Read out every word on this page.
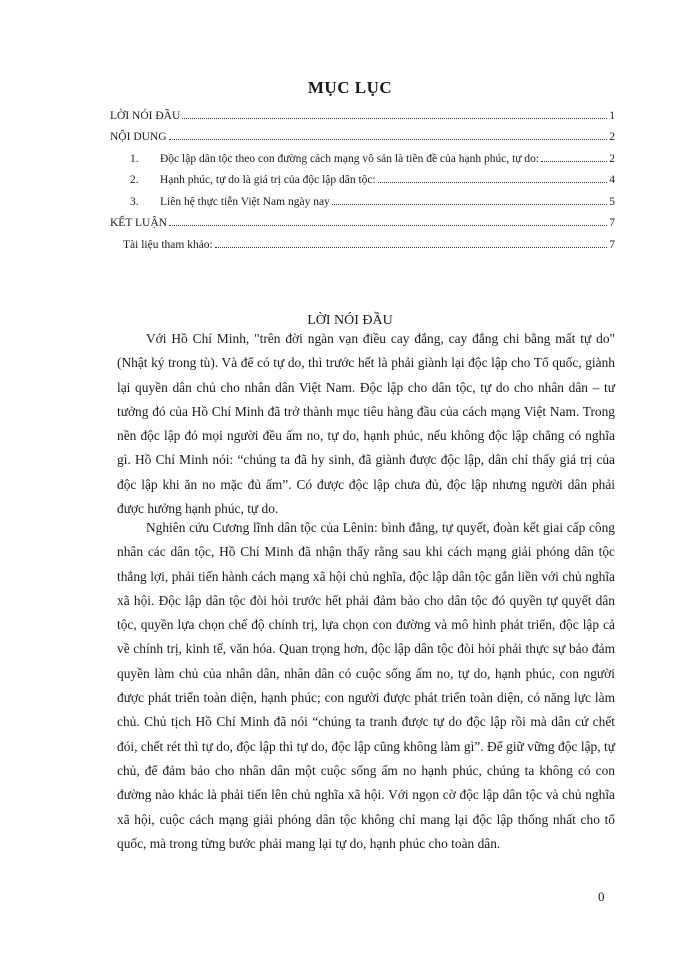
MỤC LỤC
LỜI NÓI ĐẦU	1
NỘI DUNG	2
1.	Độc lập dân tộc theo con đường cách mạng vô sản là tiền đề của hạnh phúc, tự do:	2
2.	Hạnh phúc, tự do là giá trị của độc lập dân tộc:	4
3.	Liên hệ thực tiễn Việt Nam ngày nay	5
KẾT LUẬN	7
Tài liệu tham khảo:	7
LỜI NÓI ĐẦU

Với Hồ Chí Minh, "trên đời ngàn vạn điều cay đắng, cay đắng chi bằng mất tự do" (Nhật ký trong tù). Và để có tự do, thì trước hết là phải giành lại độc lập cho Tổ quốc, giành lại quyền dân chủ cho nhân dân Việt Nam. Độc lập cho dân tộc, tự do cho nhân dân – tư tưởng đó của Hồ Chí Minh đã trở thành mục tiêu hàng đầu của cách mạng Việt Nam. Trong nền độc lập đó mọi người đều ấm no, tự do, hạnh phúc, nếu không độc lập chẳng có nghĩa gì. Hồ Chí Minh nói: “chúng ta đã hy sinh, đã giành được độc lập, dân chỉ thấy giá trị của độc lập khi ăn no mặc đủ ấm”. Có được độc lập chưa đủ, độc lập nhưng người dân phải được hưởng hạnh phúc, tự do.

Nghiên cứu Cương lĩnh dân tộc của Lênin: bình đẳng, tự quyết, đoàn kết giai cấp công nhân các dân tộc, Hồ Chí Minh đã nhận thấy rằng sau khi cách mạng giải phóng dân tộc thắng lợi, phải tiến hành cách mạng xã hội chủ nghĩa, độc lập dân tộc gắn liền với chủ nghĩa xã hội. Độc lập dân tộc đòi hỏi trước hết phải đảm bảo cho dân tộc đó quyền tự quyết dân tộc, quyền lựa chọn chế độ chính trị, lựa chọn con đường và mô hình phát triển, độc lập cả về chính trị, kinh tế, văn hóa. Quan trọng hơn, độc lập dân tộc đòi hỏi phải thực sự bảo đảm quyền làm chủ của nhân dân, nhân dân có cuộc sống ấm no, tự do, hạnh phúc, con người được phát triển toàn diện, hạnh phúc; con người được phát triển toàn diện, có năng lực làm chủ. Chủ tịch Hồ Chí Minh đã nói “chúng ta tranh được tự do độc lập rồi mà dân cứ chết đói, chết rét thì tự do, độc lập thì tự do, độc lập cũng không làm gì”. Để giữ vững độc lập, tự chủ, để đảm bảo cho nhân dân một cuộc sống ấm no hạnh phúc, chúng ta không có con đường nào khác là phải tiến lên chủ nghĩa xã hội. Với ngọn cờ độc lập dân tộc và chủ nghĩa xã hội, cuộc cách mạng giải phóng dân tộc không chỉ mang lại độc lập thống nhất cho tổ quốc, mà trong từng bước phải mang lại tự do, hạnh phúc cho toàn dân.

0
